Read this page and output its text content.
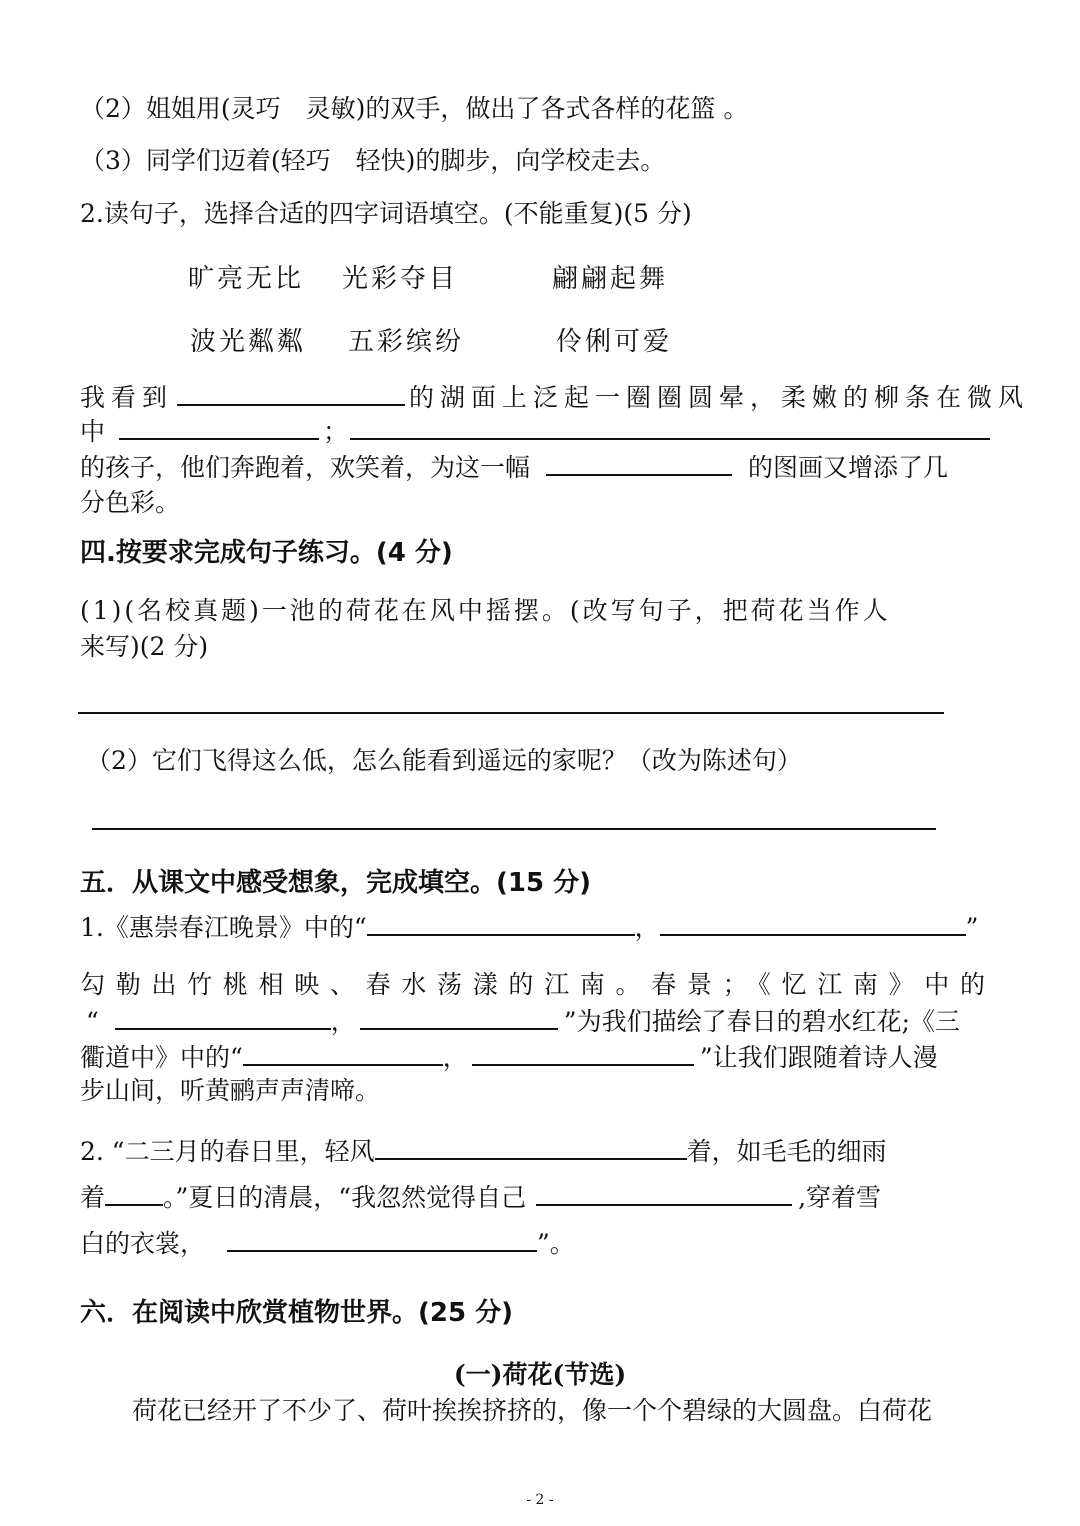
（2）姐姐用(灵巧　灵敏)的双手，做出了各式各样的花篮 。
（3）同学们迈着(轻巧　轻快)的脚步，向学校走去。
2.读句子，选择合适的四字词语填空。(不能重复)(5 分)
旷亮无比 光彩夺目	翩翩起舞
波光粼粼 五彩缤纷	伶俐可爱
我看到	的湖面上泛起一圈圈圆晕，柔嫩的柳条在微风
中	；
的孩子，他们奔跑着，欢笑着，为这一幅	的图画又增添了几
分色彩。
四.按要求完成句子练习。(4 分)
(1)(名校真题)一池的荷花在风中摇摆。(改写句子，把荷花当作人
来写)(2 分)
（2）它们飞得这么低，怎么能看到遥远的家呢？（改为陈述句）
五．从课文中感受想象，完成填空。(15 分)
1.《惠崇春江晚景》中的“	，	”
勾勒出竹桃相映、春水荡漾的江南。春景；《忆江南》中的
“	，	”为我们描绘了春日的碧水红花;《三
衢道中》中的“	，	”让我们跟随着诗人漫
步山间，听黄鹂声声清啼。
2. “二三月的春日里，轻风	着，如毛毛的细雨
着 。”夏日的清晨，“我忽然觉得自己	,穿着雪
白的衣裳，	”。
六．在阅读中欣赏植物世界。(25 分)
(一)荷花(节选)
荷花已经开了不少了、荷叶挨挨挤挤的，像一个个碧绿的大圆盘。白荷花
- 2 -
